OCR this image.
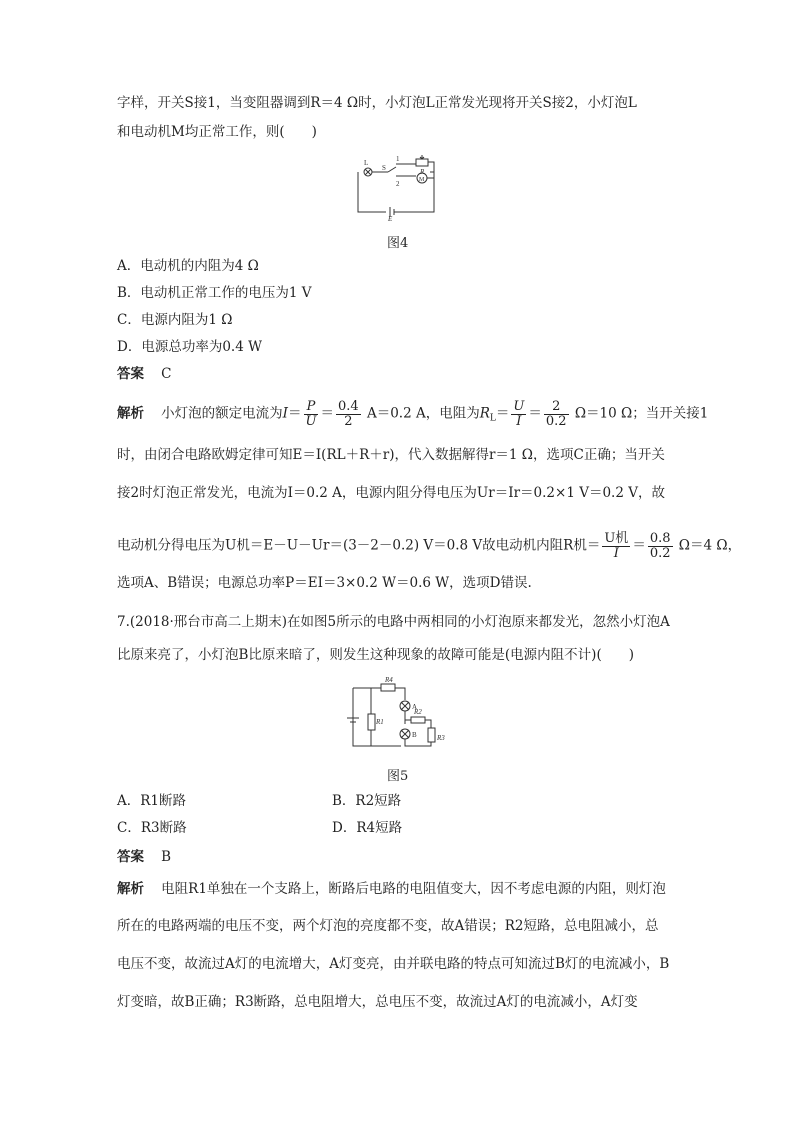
字样，开关S接1，当变阻器调到R＝4 Ω时，小灯泡L正常发光现将开关S接2，小灯泡L
和电动机M均正常工作，则(　　)
L
S
1
2
R
M
E
图4
A．电动机的内阻为4 Ω
B．电动机正常工作的电压为1 V
C．电源内阻为1 Ω
D．电源总功率为0.4 W
答案 C
解析 小灯泡的额定电流为$I= \frac{P}{U} = \frac{0.4}{2} A=0.2$ A，电阻为$R_L= \frac{U}{I} = \frac{2}{0.2} \Omega=10$ Ω；当开关接1
时，由闭合电路欧姆定律可知E＝I(RL＋R＋r)，代入数据解得r＝1 Ω，选项C正确；当开关
接2时灯泡正常发光，电流为I＝0.2 A，电源内阻分得电压为Ur＝Ir＝0.2×1 V＝0.2 V，故
电动机分得电压为U机＝E－U－Ur＝(3－2－0.2) V＝0.8 V故电动机内阻R机＝ $\frac{\text{U机}}{I} = \frac{0.8}{0.2} \Omega=4$ Ω，
选项A、B错误；电源总功率P＝EI＝3×0.2 W＝0.6 W，选项D错误.
7.(2018·邢台市高二上期末)在如图5所示的电路中两相同的小灯泡原来都发光，忽然小灯泡A
比原来亮了，小灯泡B比原来暗了，则发生这种现象的故障可能是(电源内阻不计)(　　)
R4
R1
R2
R3
A
B
图5
A．R1断路	B．R2短路
C．R3断路	D．R4短路
答案 B
解析 电阻R1单独在一个支路上，断路后电路的电阻值变大，因不考虑电源的内阻，则灯泡
所在的电路两端的电压不变，两个灯泡的亮度都不变，故A错误；R2短路，总电阻减小，总
电压不变，故流过A灯的电流增大，A灯变亮，由并联电路的特点可知流过B灯的电流减小，B
灯变暗，故B正确；R3断路，总电阻增大，总电压不变，故流过A灯的电流减小，A灯变
